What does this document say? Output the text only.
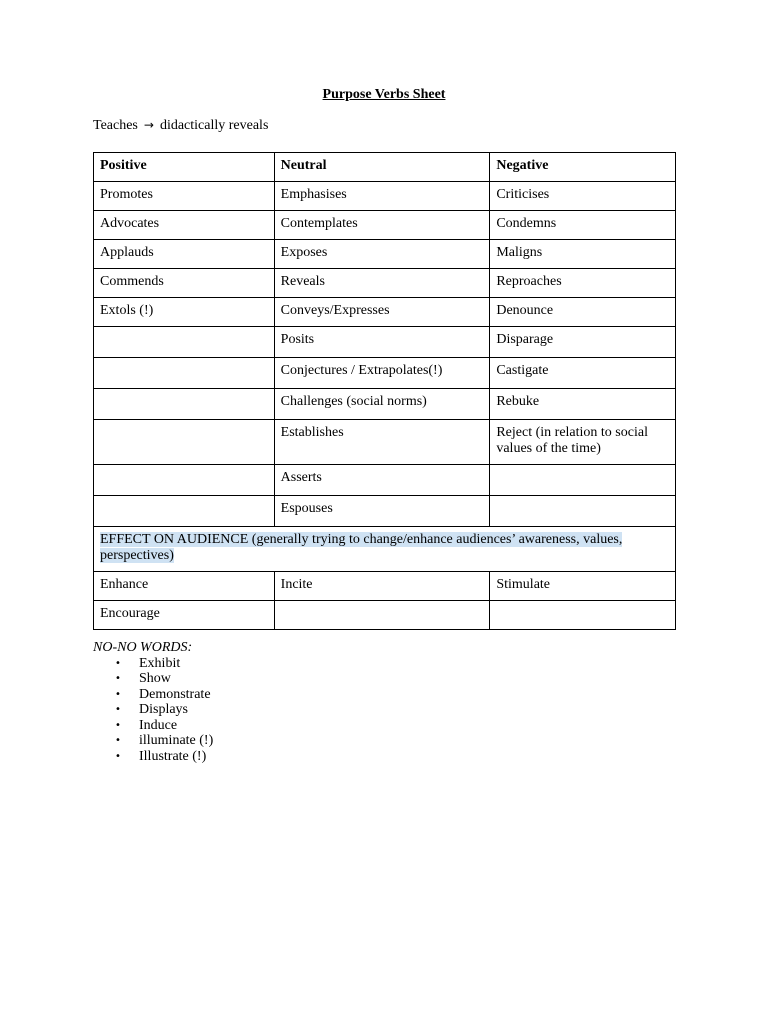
Purpose Verbs Sheet
Teaches → didactically reveals
Positive	Neutral	Negative
Promotes	Emphasises	Criticises
Advocates	Contemplates	Condemns
Applauds	Exposes	Maligns
Commends	Reveals	Reproaches
Extols (!)	Conveys/Expresses	Denounce
	Posits	Disparage
	Conjectures / Extrapolates(!)	Castigate
	Challenges (social norms)	Rebuke
	Establishes	Reject (in relation to social values of the time)
	Asserts	
	Espouses	
EFFECT ON AUDIENCE (generally trying to change/enhance audiences’ awareness, values, perspectives)		
Enhance	Incite	Stimulate
Encourage		
NO-NO WORDS:
• Exhibit
• Show
• Demonstrate
• Displays
• Induce
• illuminate (!)
• Illustrate (!)
